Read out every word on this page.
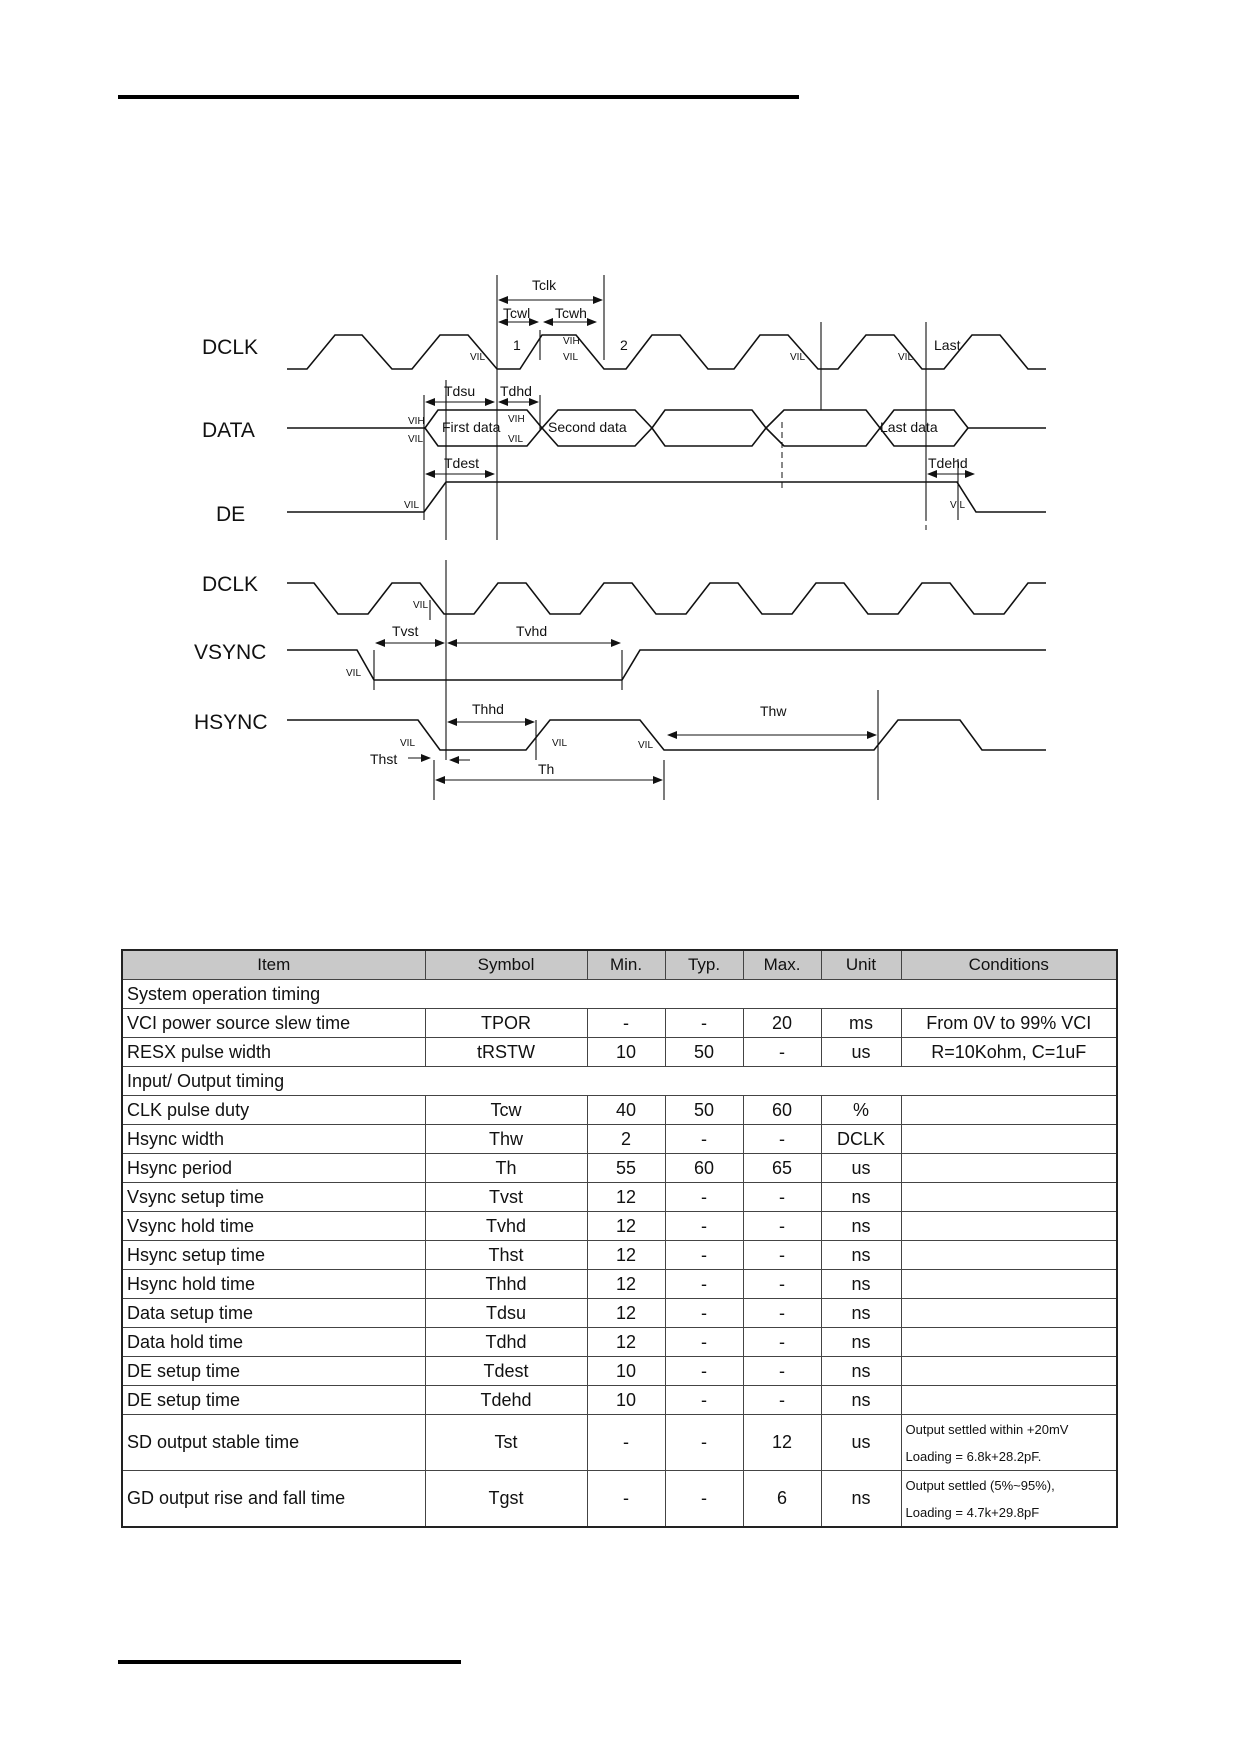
DCLK
DATA
DE
DCLK
VSYNC
HSYNC
Tclk
Tcwl Tcwh
1	2	Last
VIL
VIH
VIL	VIL	VIL
Tdsu Tdhd
First data	Second data	Last data
VIH
VIL
VIH
VIL
Tdest	Tdehd
VIL	VIL
VIL
Tvst	Tvhd
VIL
Thhd	Thw
VIL	VIL	VIL
Thst
Th
Item	Symbol	Min.	Typ.	Max.	Unit	Conditions
System operation timing						
VCI power source slew time	TPOR	-	-	20	ms	From 0V to 99% VCI
RESX pulse width	tRSTW	10	50	-	us	R=10Kohm, C=1uF
Input/ Output timing						
CLK pulse duty	Tcw	40	50	60	%	
Hsync width	Thw	2	-	-	DCLK	
Hsync period	Th	55	60	65	us	
Vsync setup time	Tvst	12	-	-	ns	
Vsync hold time	Tvhd	12	-	-	ns	
Hsync setup time	Thst	12	-	-	ns	
Hsync hold time	Thhd	12	-	-	ns	
Data setup time	Tdsu	12	-	-	ns	
Data hold time	Tdhd	12	-	-	ns	
DE setup time	Tdest	10	-	-	ns	
DE setup time	Tdehd	10	-	-	ns	
SD output stable time	Tst	-	-	12	us	Output settled within +20mV
Loading = 6.8k+28.2pF.

GD output rise and fall time	Tgst	-	-	6	ns	Output settled (5%~95%),
Loading = 4.7k+29.8pF
